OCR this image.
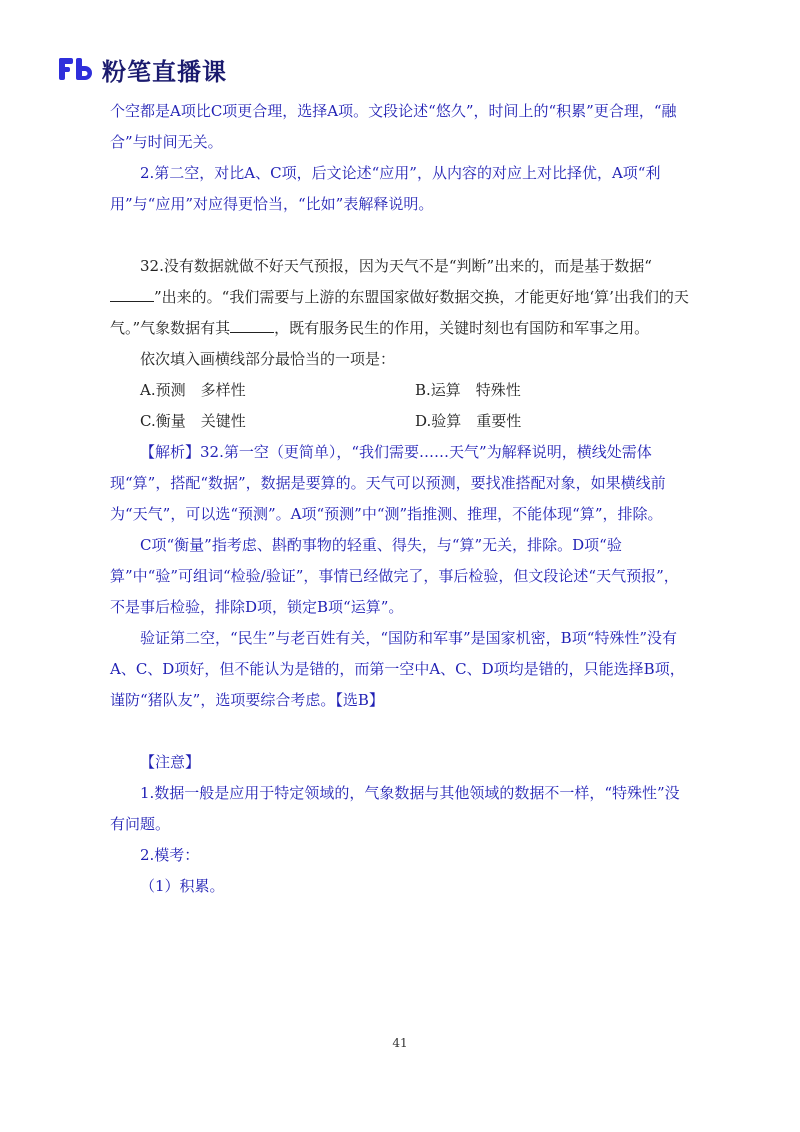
粉笔直播课

个空都是A项比C项更合理，选择A项。文段论述“悠久”，时间上的“积累”更合理，“融合”与时间无关。

2.第二空，对比A、C项，后文论述“应用”，从内容的对应上对比择优，A项“利用”与“应用”对应得更恰当，“比如”表解释说明。

32.没有数据就做不好天气预报，因为天气不是“判断”出来的，而是基于数据“”出来的。“我们需要与上游的东盟国家做好数据交换，才能更好地‘算’出我们的天气。”气象数据有其	，既有服务民生的作用，关键时刻也有国防和军事之用。

依次填入画横线部分最恰当的一项是：

A.预测　多样性	B.运算　特殊性
C.衡量　关键性	D.验算　重要性

【解析】32.第一空（更简单），“我们需要……天气”为解释说明，横线处需体现“算”，搭配“数据”，数据是要算的。天气可以预测，要找准搭配对象，如果横线前为“天气”，可以选“预测”。A项“预测”中“测”指推测、推理，不能体现“算”，排除。

C项“衡量”指考虑、斟酌事物的轻重、得失，与“算”无关，排除。D项“验算”中“验”可组词“检验/验证”，事情已经做完了，事后检验，但文段论述“天气预报”，不是事后检验，排除D项，锁定B项“运算”。

验证第二空，“民生”与老百姓有关，“国防和军事”是国家机密，B项“特殊性”没有A、C、D项好，但不能认为是错的，而第一空中A、C、D项均是错的，只能选择B项，谨防“猪队友”，选项要综合考虑。【选B】

【注意】

1.数据一般是应用于特定领域的，气象数据与其他领域的数据不一样，“特殊性”没有问题。

2.模考：

（1）积累。

41
